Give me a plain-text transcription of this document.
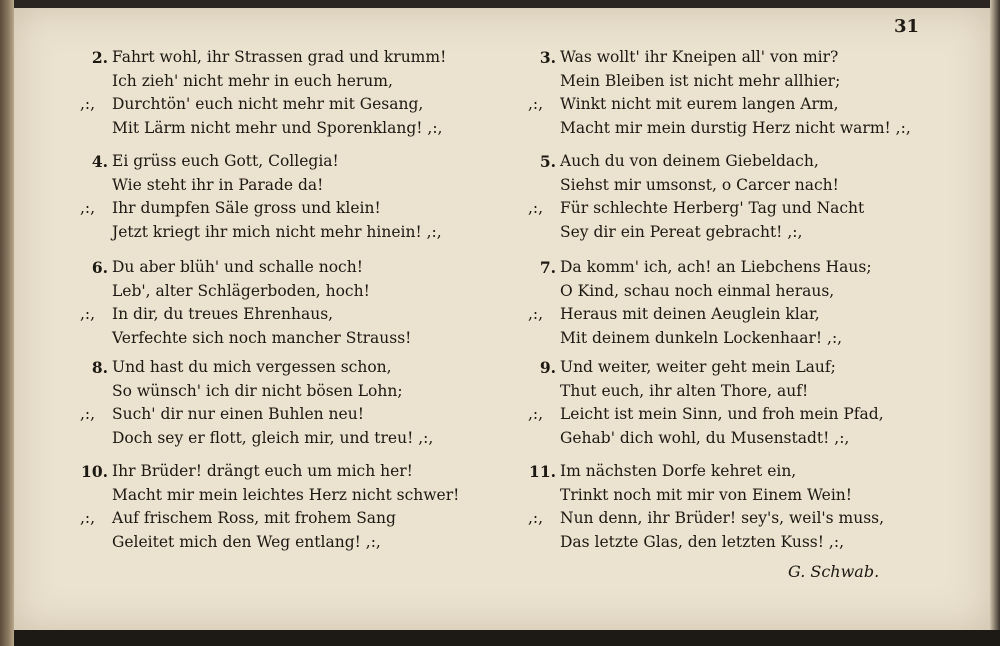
31
2. Fahrt wohl, ihr Strassen grad und krumm!
Ich zieh' nicht mehr in euch herum,
,:, Durchtön' euch nicht mehr mit Gesang,
Mit Lärm nicht mehr und Sporenklang! ,:,
3. Was wollt' ihr Kneipen all' von mir?
Mein Bleiben ist nicht mehr allhier;
,:, Winkt nicht mit eurem langen Arm,
Macht mir mein durstig Herz nicht warm! ,:,
4. Ei grüss euch Gott, Collegia!
Wie steht ihr in Parade da!
,:, Ihr dumpfen Säle gross und klein!
Jetzt kriegt ihr mich nicht mehr hinein! ,:,
5. Auch du von deinem Giebeldach,
Siehst mir umsonst, o Carcer nach!
,:, Für schlechte Herberg' Tag und Nacht
Sey dir ein Pereat gebracht! ,:,
6. Du aber blüh' und schalle noch!
Leb', alter Schlägerboden, hoch!
,:, In dir, du treues Ehrenhaus,
Verfechte sich noch mancher Strauss!
7. Da komm' ich, ach! an Liebchens Haus;
O Kind, schau noch einmal heraus,
,:, Heraus mit deinen Aeuglein klar,
Mit deinem dunkeln Lockenhaar! ,:,
8. Und hast du mich vergessen schon,
So wünsch' ich dir nicht bösen Lohn;
,:, Such' dir nur einen Buhlen neu!
Doch sey er flott, gleich mir, und treu! ,:,
9. Und weiter, weiter geht mein Lauf;
Thut euch, ihr alten Thore, auf!
,:, Leicht ist mein Sinn, und froh mein Pfad,
Gehab' dich wohl, du Musenstadt! ,:,
10. Ihr Brüder! drängt euch um mich her!
Macht mir mein leichtes Herz nicht schwer!
,:, Auf frischem Ross, mit frohem Sang
Geleitet mich den Weg entlang! ,:,
11. Im nächsten Dorfe kehret ein,
Trinkt noch mit mir von Einem Wein!
,:, Nun denn, ihr Brüder! sey's, weil's muss,
Das letzte Glas, den letzten Kuss! ,:,
G. Schwab.
